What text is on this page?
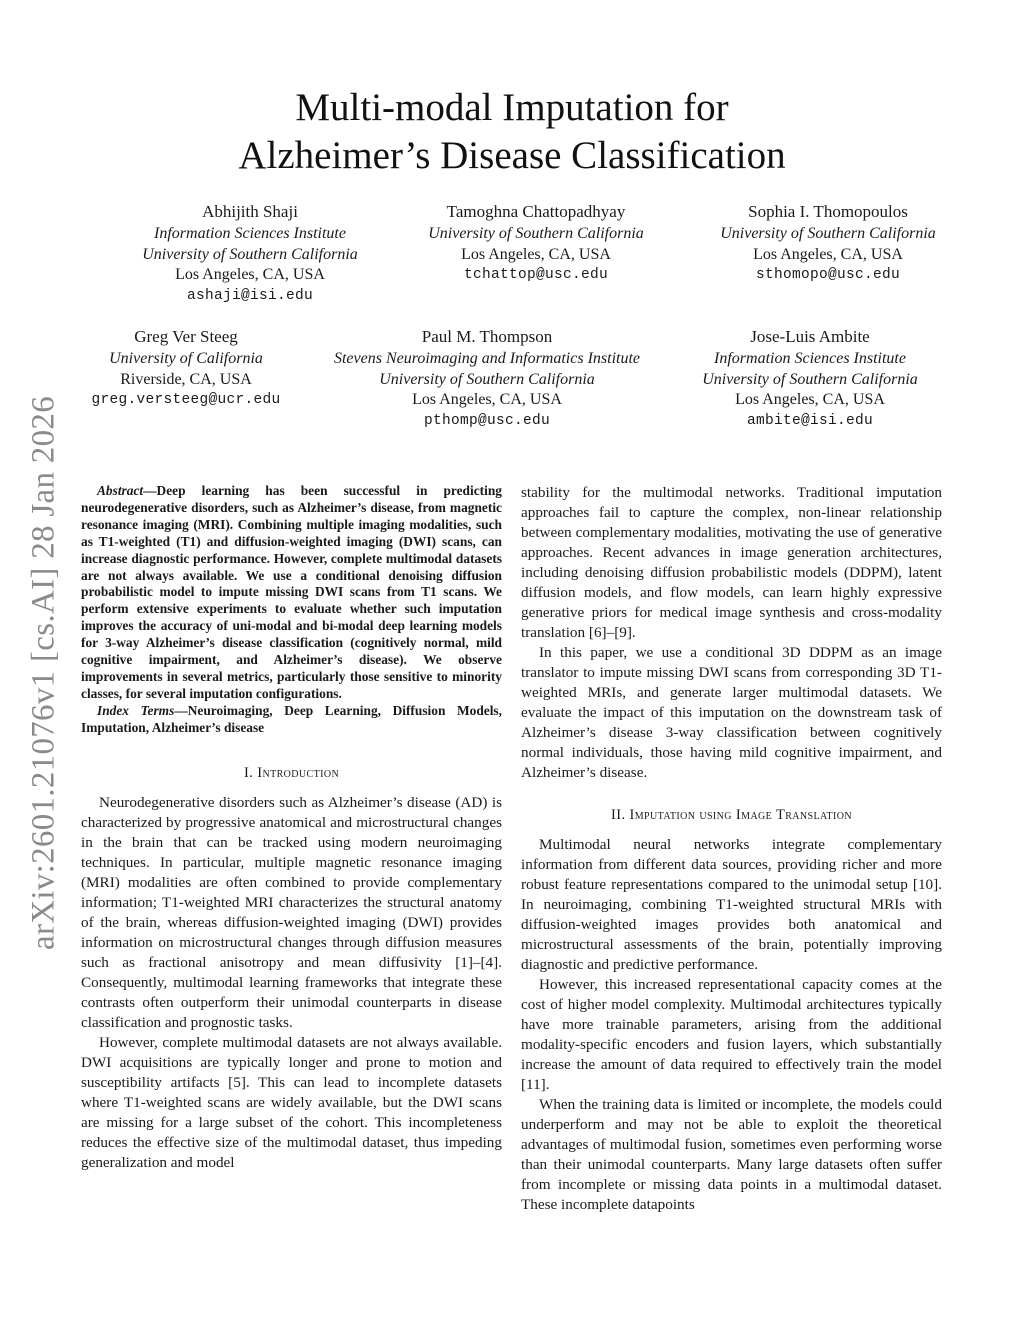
arXiv:2601.21076v1 [cs.AI] 28 Jan 2026
Multi-modal Imputation for
Alzheimer’s Disease Classification
Abhijith Shaji
Information Sciences Institute
University of Southern California
Los Angeles, CA, USA
ashaji@isi.edu
Tamoghna Chattopadhyay
University of Southern California
Los Angeles, CA, USA
tchattop@usc.edu
Sophia I. Thomopoulos
University of Southern California
Los Angeles, CA, USA
sthomopo@usc.edu
Greg Ver Steeg
University of California
Riverside, CA, USA
greg.versteeg@ucr.edu
Paul M. Thompson
Stevens Neuroimaging and Informatics Institute
University of Southern California
Los Angeles, CA, USA
pthomp@usc.edu
Jose-Luis Ambite
Information Sciences Institute
University of Southern California
Los Angeles, CA, USA
ambite@isi.edu

Abstract—Deep learning has been successful in predicting neurodegenerative disorders, such as Alzheimer’s disease, from magnetic resonance imaging (MRI). Combining multiple imaging modalities, such as T1-weighted (T1) and diffusion-weighted imaging (DWI) scans, can increase diagnostic performance. However, complete multimodal datasets are not always available. We use a conditional denoising diffusion probabilistic model to impute missing DWI scans from T1 scans. We perform extensive experiments to evaluate whether such imputation improves the accuracy of uni-modal and bi-modal deep learning models for 3-way Alzheimer’s disease classification (cognitively normal, mild cognitive impairment, and Alzheimer’s disease). We observe improvements in several metrics, particularly those sensitive to minority classes, for several imputation configurations.

Index Terms—Neuroimaging, Deep Learning, Diffusion Models, Imputation, Alzheimer’s disease

I. Introduction

Neurodegenerative disorders such as Alzheimer’s disease (AD) is characterized by progressive anatomical and microstructural changes in the brain that can be tracked using modern neuroimaging techniques. In particular, multiple magnetic resonance imaging (MRI) modalities are often combined to provide complementary information; T1-weighted MRI characterizes the structural anatomy of the brain, whereas diffusion-weighted imaging (DWI) provides information on microstructural changes through diffusion measures such as fractional anisotropy and mean diffusivity [1]–[4]. Consequently, multimodal learning frameworks that integrate these contrasts often outperform their unimodal counterparts in disease classification and prognostic tasks.

However, complete multimodal datasets are not always available. DWI acquisitions are typically longer and prone to motion and susceptibility artifacts [5]. This can lead to incomplete datasets where T1-weighted scans are widely available, but the DWI scans are missing for a large subset of the cohort. This incompleteness reduces the effective size of the multimodal dataset, thus impeding generalization and model

stability for the multimodal networks. Traditional imputation approaches fail to capture the complex, non-linear relationship between complementary modalities, motivating the use of generative approaches. Recent advances in image generation architectures, including denoising diffusion probabilistic models (DDPM), latent diffusion models, and flow models, can learn highly expressive generative priors for medical image synthesis and cross-modality translation [6]–[9].

In this paper, we use a conditional 3D DDPM as an image translator to impute missing DWI scans from corresponding 3D T1-weighted MRIs, and generate larger multimodal datasets. We evaluate the impact of this imputation on the downstream task of Alzheimer’s disease 3-way classification between cognitively normal individuals, those having mild cognitive impairment, and Alzheimer’s disease.

II. Imputation using Image Translation

Multimodal neural networks integrate complementary information from different data sources, providing richer and more robust feature representations compared to the unimodal setup [10]. In neuroimaging, combining T1-weighted structural MRIs with diffusion-weighted images provides both anatomical and microstructural assessments of the brain, potentially improving diagnostic and predictive performance.

However, this increased representational capacity comes at the cost of higher model complexity. Multimodal architectures typically have more trainable parameters, arising from the additional modality-specific encoders and fusion layers, which substantially increase the amount of data required to effectively train the model [11].

When the training data is limited or incomplete, the models could underperform and may not be able to exploit the theoretical advantages of multimodal fusion, sometimes even performing worse than their unimodal counterparts. Many large datasets often suffer from incomplete or missing data points in a multimodal dataset. These incomplete datapoints
